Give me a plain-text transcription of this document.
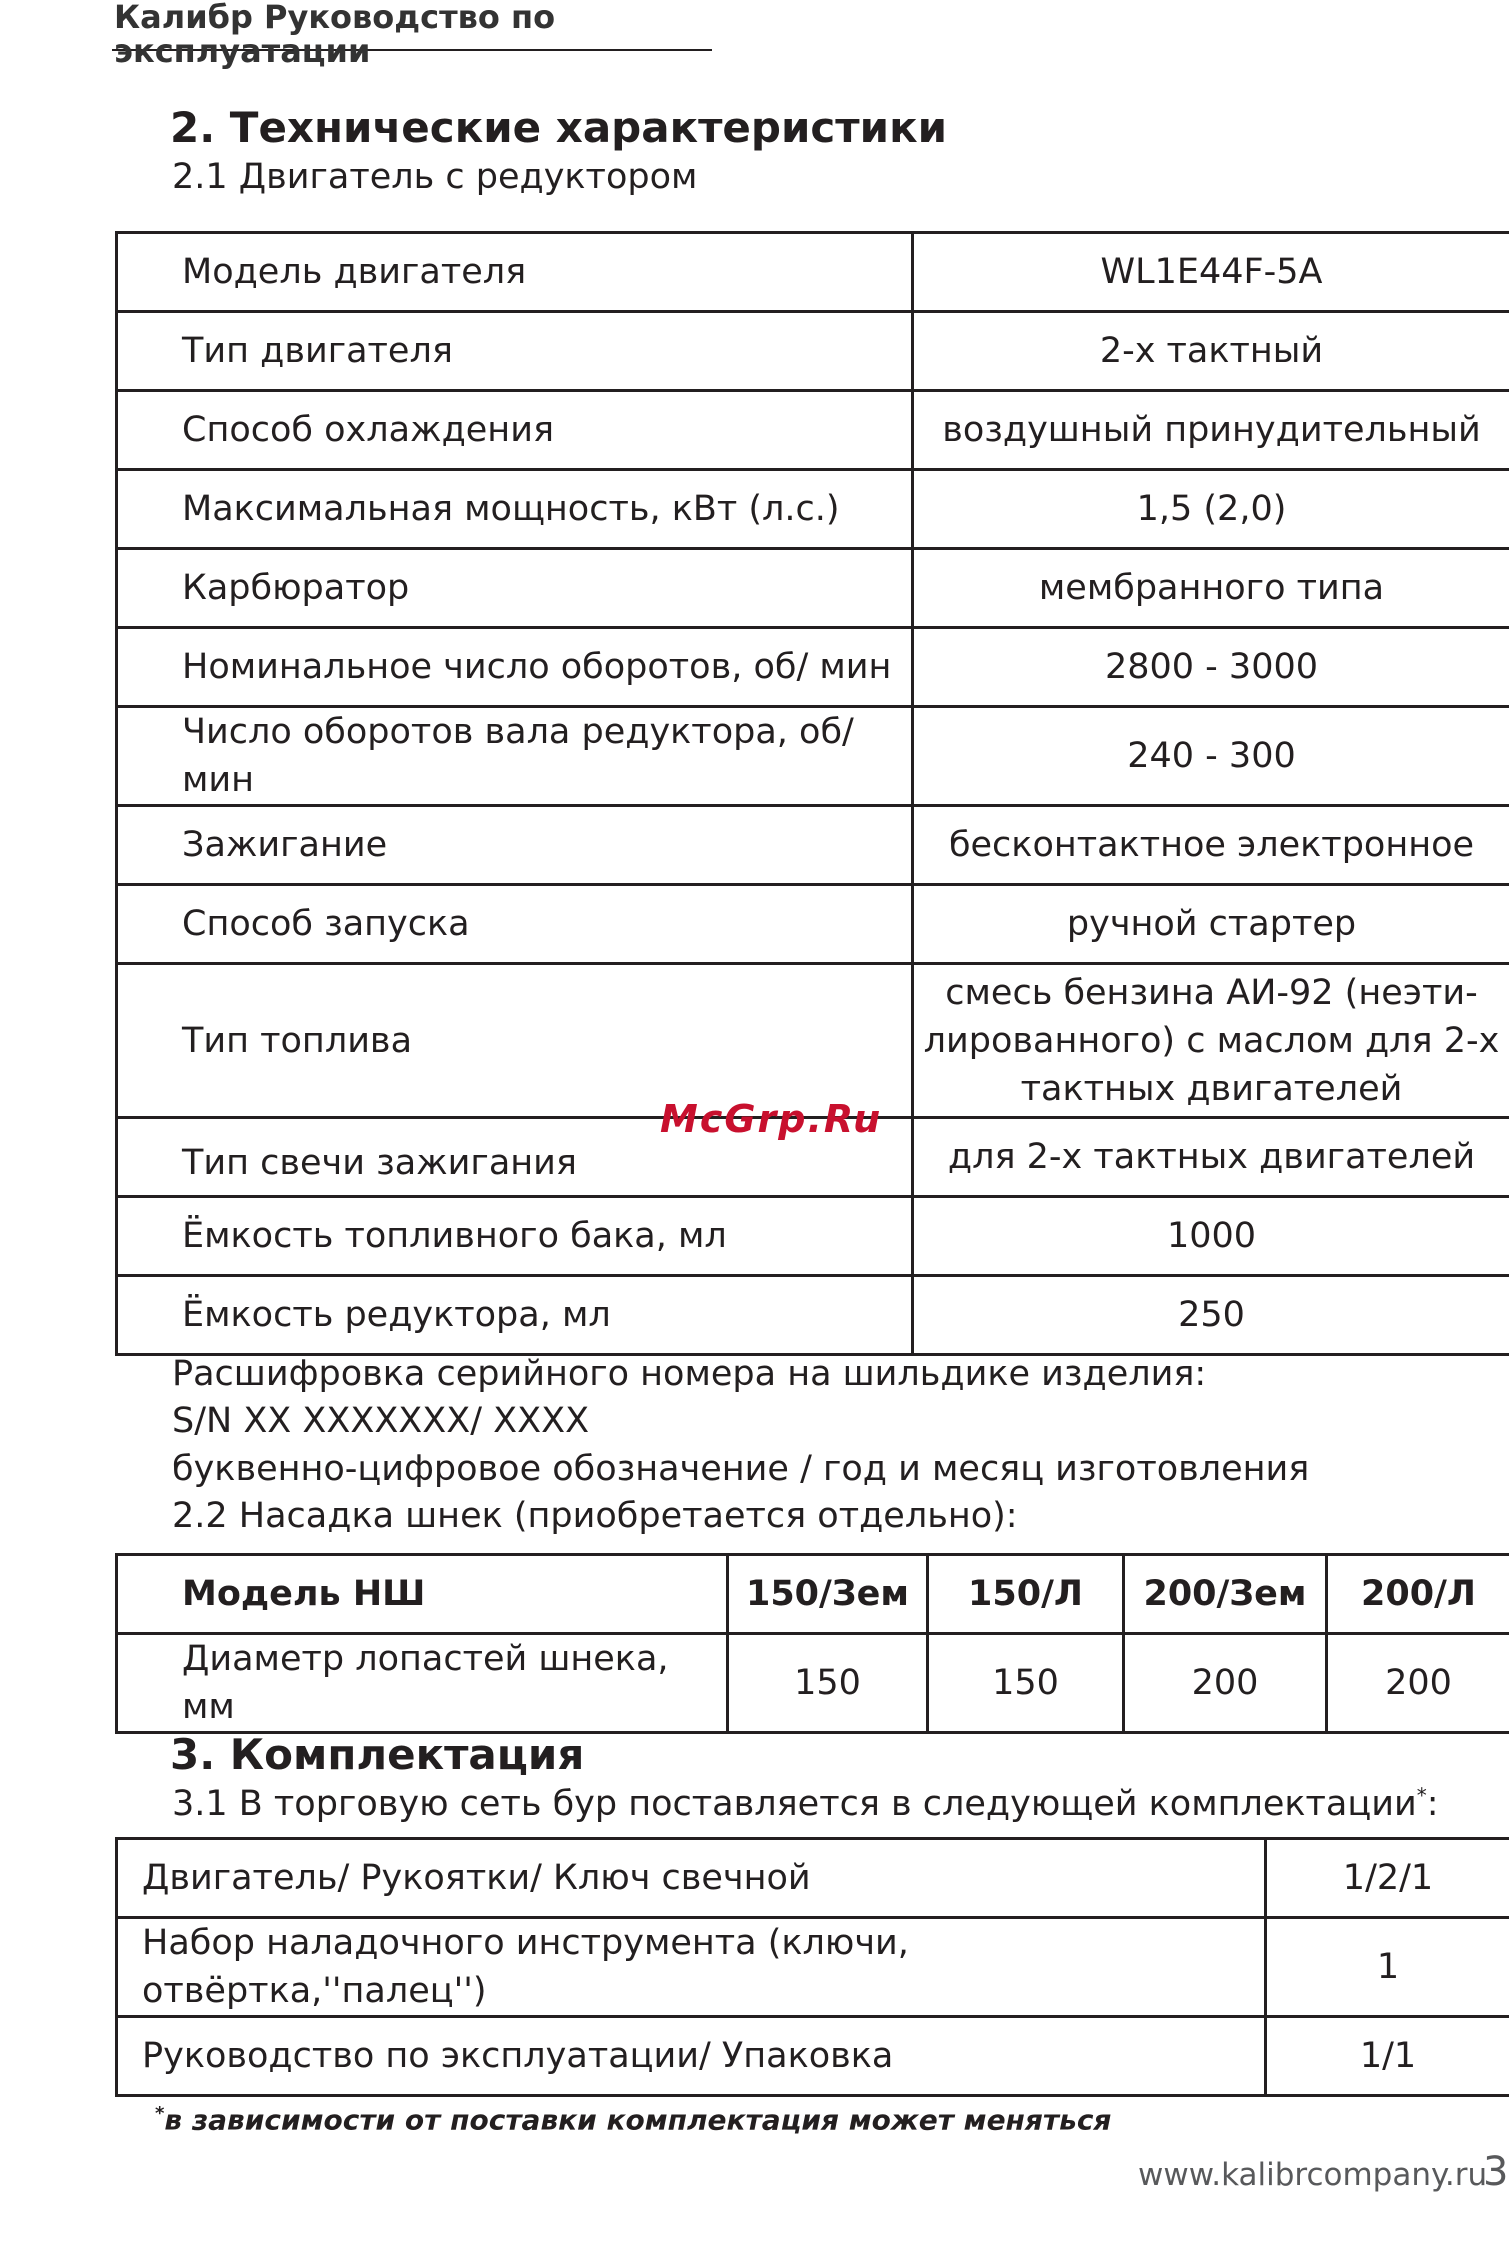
Калибр Руководство по эксплуатации
2. Технические характеристики
2.1 Двигатель с редуктором
Модель двигателя	WL1E44F-5A
Тип двигателя	2-х тактный
Способ охлаждения	воздушный принудительный
Максимальная мощность, кВт (л.с.)	1,5 (2,0)
Карбюратор	мембранного типа
Номинальное число оборотов, об/ мин	2800 - 3000
Число оборотов вала редуктора, об/ мин	240 - 300
Зажигание	бесконтактное электронное
Способ запуска	ручной стартер
Тип топлива	смесь бензина АИ-92 (неэти-
лированного) с маслом для 2-х
тактных двигателей

Тип свечи зажигания	для 2-х тактных двигателей
Ёмкость топливного бака, мл	1000
Ёмкость редуктора, мл	250
McGrp.Ru
Расшифровка серийного номера на шильдике изделия:
S/N XX XXXXXXX/ XXXX
буквенно-цифровое обозначение / год и месяц изготовления
2.2 Насадка шнек (приобретается отдельно):
Модель НШ	150/Зем	150/Л	200/Зем	200/Л
Диаметр лопастей шнека, мм	150	150	200	200
3. Комплектация
3.1 В торговую сеть бур поставляется в следующей комплектации*:
Двигатель/ Рукоятки/ Ключ свечной	1/2/1
Набор наладочного инструмента (ключи, отвёртка,''палец'')	1
Руководство по эксплуатации/ Упаковка	1/1
*в зависимости от поставки комплектация может меняться
www.kalibrcompany.ru
3
